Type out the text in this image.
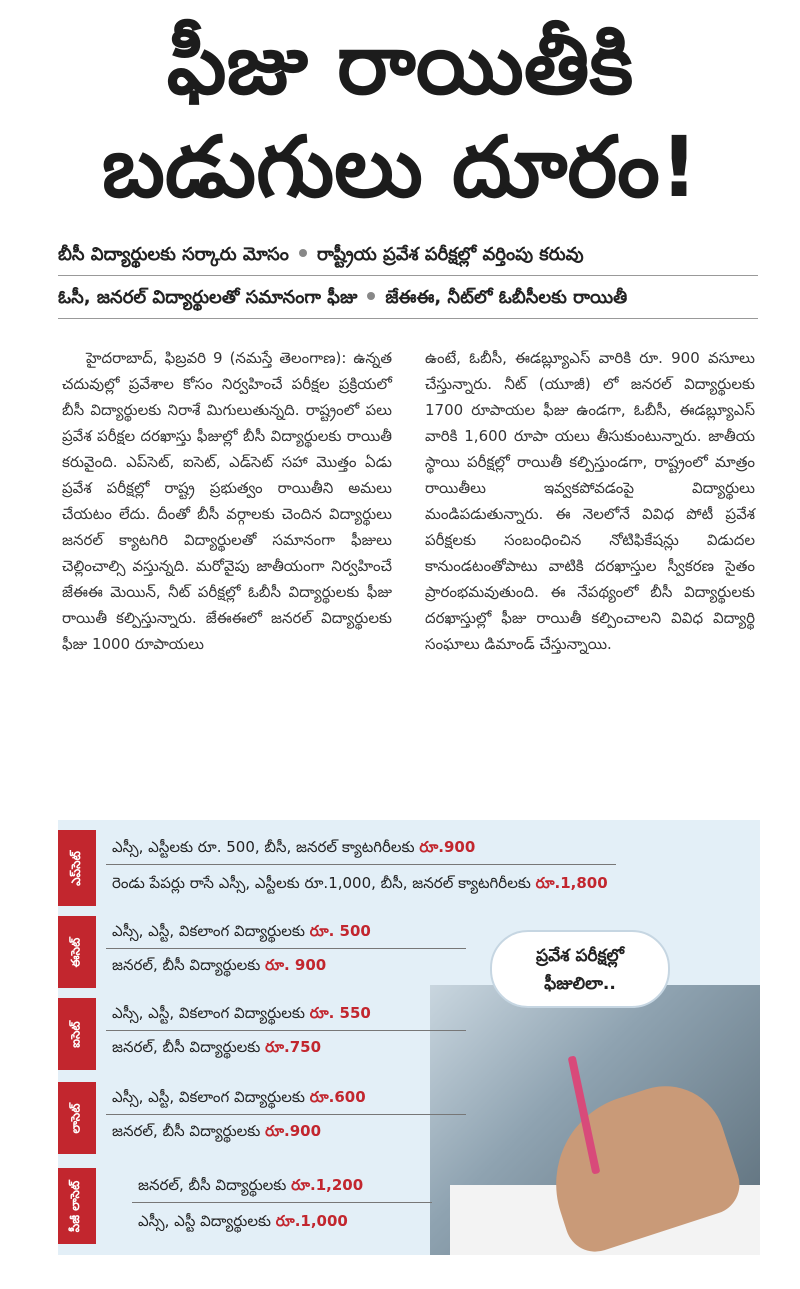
ఫీజు రాయితీకి
బడుగులు దూరం!
బీసీ విద్యార్థులకు సర్కారు మోసం రాష్ట్రీయ ప్రవేశ పరీక్షల్లో వర్తింపు కరువు
ఓసీ, జనరల్ విద్యార్థులతో సమానంగా ఫీజు జేఈఈ, నీట్‌లో ఓబీసీలకు రాయితీ

హైదరాబాద్, ఫిబ్రవరి 9 (నమస్తే తెలంగాణ): ఉన్నత చదువుల్లో ప్రవేశాల కోసం నిర్వహించే పరీక్షల ప్రక్రియలో బీసీ విద్యార్థులకు నిరాశే మిగులుతున్నది. రాష్ట్రంలో పలు ప్రవేశ పరీక్షల దరఖాస్తు ఫీజుల్లో బీసీ విద్యార్థులకు రాయితీ కరువైంది. ఎప్‌సెట్, ఐసెట్, ఎడ్‌సెట్ సహా మొత్తం ఏడు ప్రవేశ పరీక్షల్లో రాష్ట్ర ప్రభుత్వం రాయితీని అమలు చేయటం లేదు. దీంతో బీసీ వర్గాలకు చెందిన విద్యార్థులు జనరల్ క్యాటగిరి విద్యార్థులతో సమానంగా ఫీజులు చెల్లించాల్సి వస్తున్నది. మరోవైపు జాతీయంగా నిర్వహించే జేఈఈ మెయిన్, నీట్ పరీక్షల్లో ఓబీసీ విద్యార్థులకు ఫీజు రాయితీ కల్పిస్తున్నారు. జేఈఈలో జనరల్ విద్యార్థులకు ఫీజు 1000 రూపాయలు

ఉంటే, ఓబీసీ, ఈడబ్ల్యూఎస్ వారికి రూ. 900 వసూలు చేస్తున్నారు. నీట్ (యూజీ) లో జనరల్ విద్యార్థులకు 1700 రూపాయల ఫీజు ఉండగా, ఓబీసీ, ఈడబ్ల్యూఎస్ వారికి 1,600 రూపా యలు తీసుకుంటున్నారు. జాతీయ స్థాయి పరీక్షల్లో రాయితీ కల్పిస్తుండగా, రాష్ట్రంలో మాత్రం రాయితీలు ఇవ్వకపోవడంపై విద్యార్థులు మండిపడుతున్నారు. ఈ నెలలోనే వివిధ పోటీ ప్రవేశ పరీక్షలకు సంబంధించిన నోటిఫికేషన్లు విడుదల కానుండటంతోపాటు వాటికి దరఖాస్తుల స్వీకరణ సైతం ప్రారంభమవుతుంది. ఈ నేపథ్యంలో బీసీ విద్యార్థులకు దరఖాస్తుల్లో ఫీజు రాయితీ కల్పించాలని వివిధ విద్యార్థి సంఘాలు డిమాండ్ చేస్తున్నాయి.

ప్రవేశ పరీక్షల్లో
ఫీజులిలా..
ఎప్‌సెట్
ఎస్సీ, ఎస్టీలకు రూ. 500, బీసీ, జనరల్ క్యాటగిరీలకు రూ.900
రెండు పేపర్లు రాసే ఎస్సీ, ఎస్టీలకు రూ.1,000, బీసీ, జనరల్ క్యాటగిరీలకు రూ.1,800
ఈసెట్
ఎస్సీ, ఎస్టీ, వికలాంగ విద్యార్థులకు రూ. 500
జనరల్, బీసీ విద్యార్థులకు రూ. 900
ఐసెట్
ఎస్సీ, ఎస్టీ, వికలాంగ విద్యార్థులకు రూ. 550
జనరల్, బీసీ విద్యార్థులకు రూ.750
లాసెట్
ఎస్సీ, ఎస్టీ, వికలాంగ విద్యార్థులకు రూ.600
జనరల్, బీసీ విద్యార్థులకు రూ.900
పీజీ లాసెట్	జనరల్, బీసీ విద్యార్థులకు రూ.1,200
ఎస్సీ, ఎస్టీ విద్యార్థులకు రూ.1,000
